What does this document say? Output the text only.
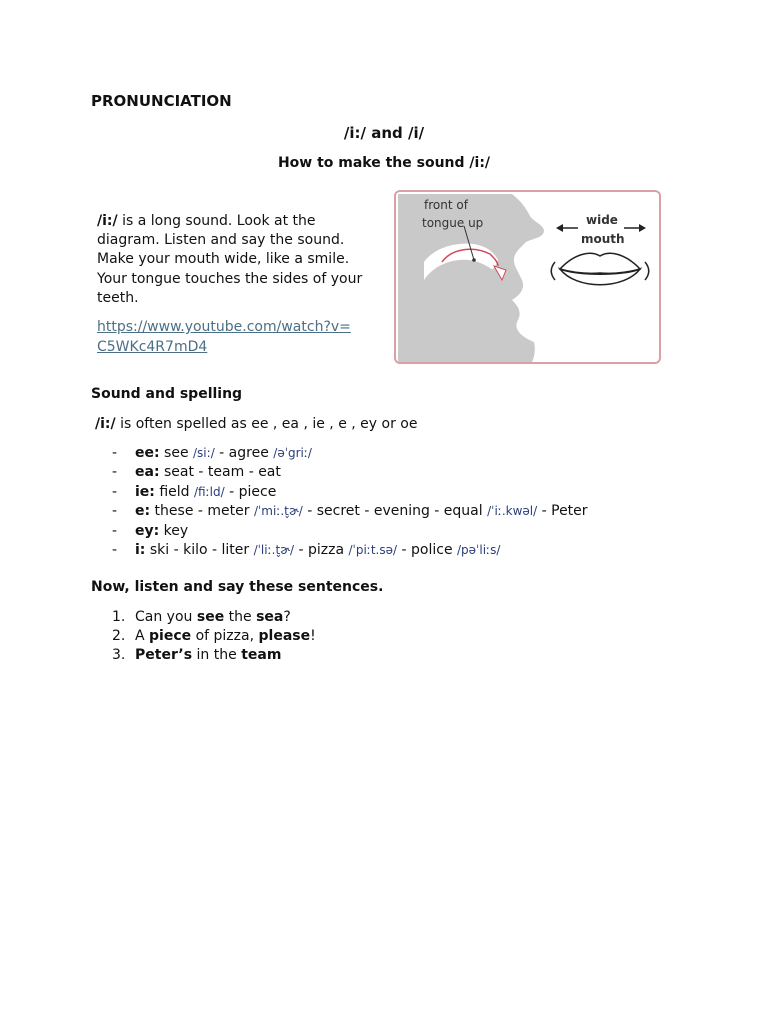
PRONUNCIATION
/i:/ and /i/
How to make the sound /i:/
/i:/ is a long sound. Look at the diagram. Listen and say the sound. Make your mouth wide, like a smile. Your tongue touches the sides of your teeth.
https://www.youtube.com/watch?v=C5WKc4R7mD4
front of
tongue up	wide
mouth
Sound and spelling
/i:/ is often spelled as ee , ea , ie , e , ey or oe
- ee: see /si:/ - agree /əˈgriː/
- ea: seat - team - eat
- ie: field /fiːld/ - piece
- e: these - meter /ˈmiː.t̬ɚ/ - secret - evening - equal /ˈiː.kwəl/ - Peter
- ey: key
- i: ski - kilo - liter /ˈliː.t̬ɚ/ - pizza /ˈpiːt.sə/ - police /pəˈliːs/
Now, listen and say these sentences.
1. Can you see the sea?
2. A piece of pizza, please!
3. Peter’s in the team
